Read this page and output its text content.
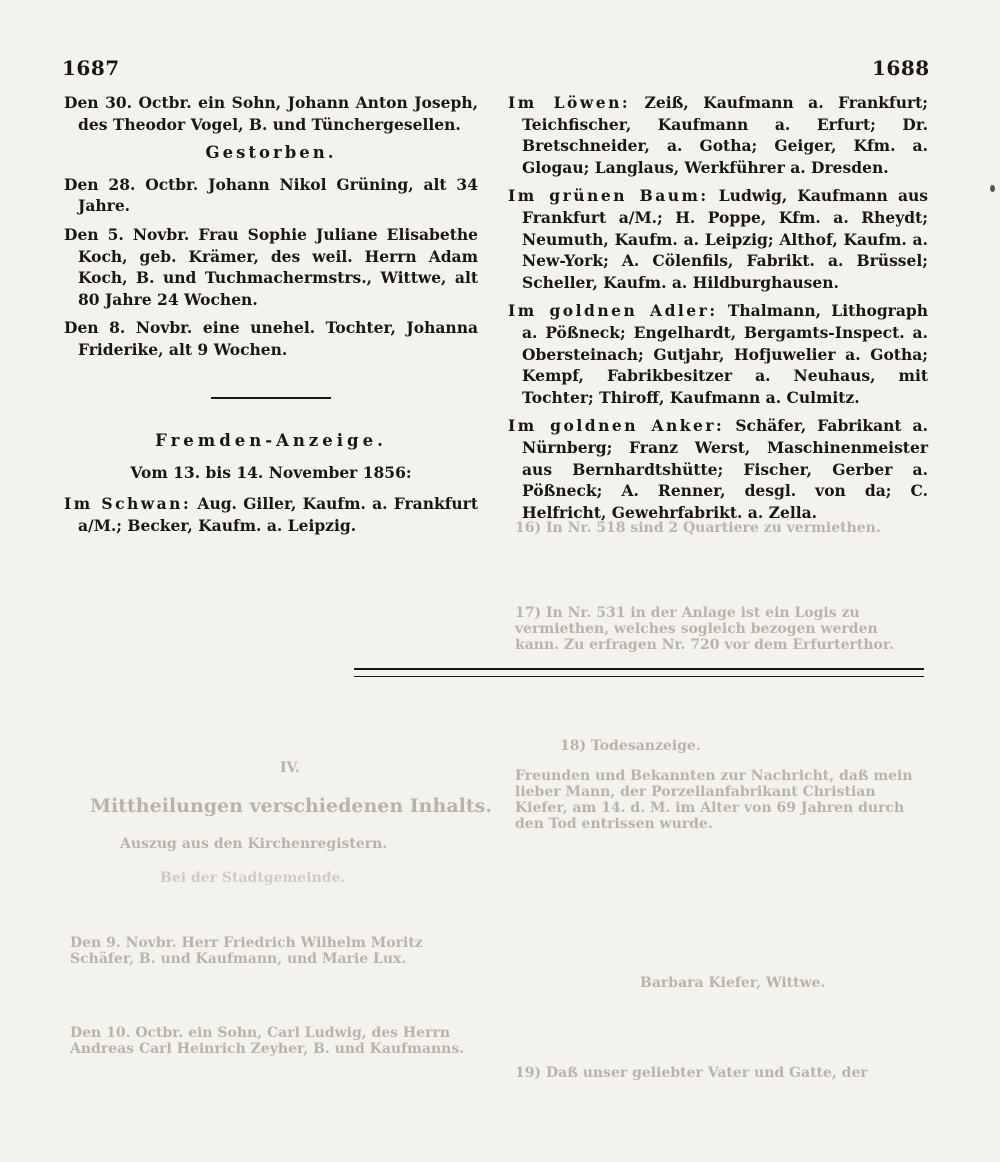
1687	1688

Den 30. Octbr. ein Sohn, Johann Anton Joseph, des Theodor Vogel, B. und Tünchergesellen.

Gestorben.

Den 28. Octbr. Johann Nikol Grüning, alt 34 Jahre.

Den 5. Novbr. Frau Sophie Juliane Elisabethe Koch, geb. Krämer, des weil. Herrn Adam Koch, B. und Tuchmachermstrs., Wittwe, alt 80 Jahre 24 Wochen.

Den 8. Novbr. eine unehel. Tochter, Johanna Friderike, alt 9 Wochen.

Fremden-Anzeige.
Vom 13. bis 14. November 1856:

Im Schwan: Aug. Giller, Kaufm. a. Frankfurt a/M.; Becker, Kaufm. a. Leipzig.

Im Löwen: Zeiß, Kaufmann a. Frankfurt; Teichfischer, Kaufmann a. Erfurt; Dr. Bretschneider, a. Gotha; Geiger, Kfm. a. Glogau; Langlaus, Werkführer a. Dresden.

Im grünen Baum: Ludwig, Kaufmann aus Frankfurt a/M.; H. Poppe, Kfm. a. Rheydt; Neumuth, Kaufm. a. Leipzig; Althof, Kaufm. a. New-York; A. Cölenfils, Fabrikt. a. Brüssel; Scheller, Kaufm. a. Hildburghausen.

Im goldnen Adler: Thalmann, Lithograph a. Pößneck; Engelhardt, Bergamts-Inspect. a. Obersteinach; Gutjahr, Hofjuwelier a. Gotha; Kempf, Fabrikbesitzer a. Neuhaus, mit Tochter; Thiroff, Kaufmann a. Culmitz.

Im goldnen Anker: Schäfer, Fabrikant a. Nürnberg; Franz Werst, Maschinenmeister aus Bernhardtshütte; Fischer, Gerber a. Pößneck; A. Renner, desgl. von da; C. Helfricht, Gewehrfabrikt. a. Zella.

IV.
Mittheilungen verschiedenen Inhalts.
Auszug aus den Kirchenregistern.
Bei der Stadtgemeinde.
Den 9. Novbr. Herr Friedrich Wilhelm Moritz Schäfer, B. und Kaufmann, und Marie Lux.
Den 10. Octbr. ein Sohn, Carl Ludwig, des Herrn Andreas Carl Heinrich Zeyher, B. und Kaufmanns.
16) In Nr. 518 sind 2 Quartiere zu vermiethen.
17) In Nr. 531 in der Anlage ist ein Logis zu vermiethen, welches sogleich bezogen werden kann. Zu erfragen Nr. 720 vor dem Erfurterthor.
18) Todesanzeige.
Freunden und Bekannten zur Nachricht, daß mein lieber Mann, der Porzellanfabrikant Christian Kiefer, am 14. d. M. im Alter von 69 Jahren durch den Tod entrissen wurde.
Barbara Kiefer, Wittwe.
19) Daß unser geliebter Vater und Gatte, der
